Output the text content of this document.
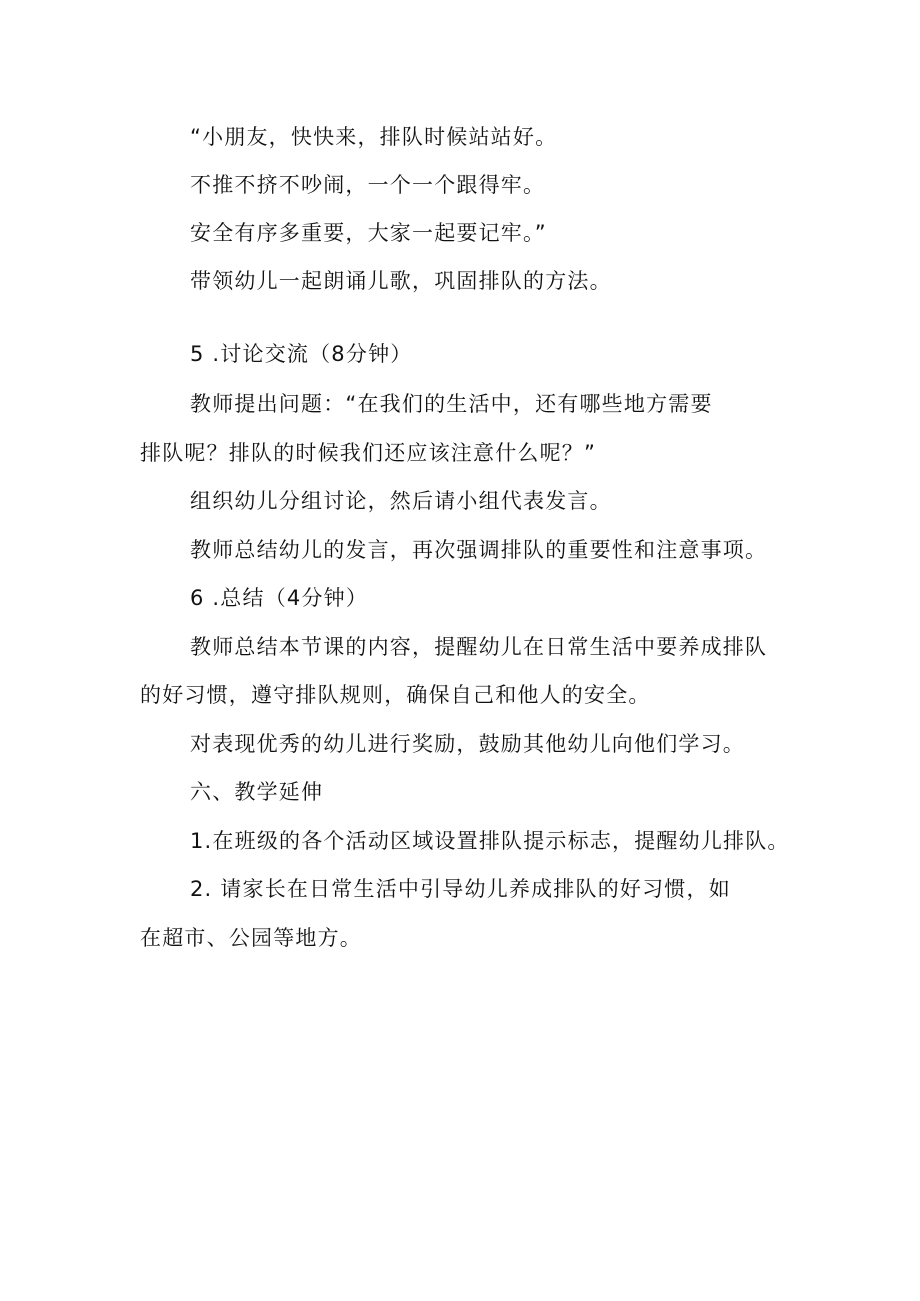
“小朋友，快快来，排队时候站站好。
不推不挤不吵闹，一个一个跟得牢。
安全有序多重要，大家一起要记牢。”
带领幼儿一起朗诵儿歌，巩固排队的方法。
5 .讨论交流（8分钟）
教师提出问题：“在我们的生活中，还有哪些地方需要
排队呢？排队的时候我们还应该注意什么呢？”
组织幼儿分组讨论，然后请小组代表发言。
教师总结幼儿的发言，再次强调排队的重要性和注意事项。
6 .总结（4分钟）
教师总结本节课的内容，提醒幼儿在日常生活中要养成排队
的好习惯，遵守排队规则，确保自己和他人的安全。
对表现优秀的幼儿进行奖励，鼓励其他幼儿向他们学习。
六、教学延伸
1.在班级的各个活动区域设置排队提示标志，提醒幼儿排队。
2. 请家长在日常生活中引导幼儿养成排队的好习惯，如
在超市、公园等地方。
